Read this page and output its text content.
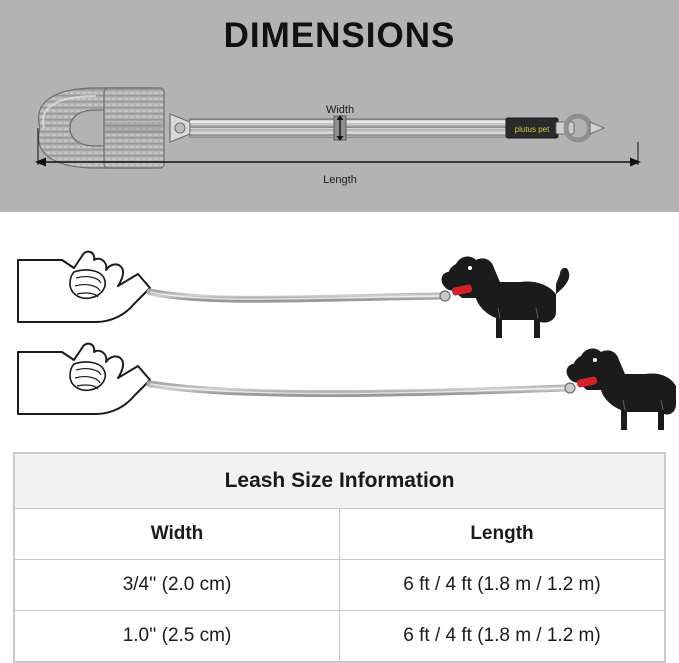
DIMENSIONS
plutus pet
Width
Length
Leash Size Information	
Width	Length
3/4'' (2.0 cm)	6 ft / 4 ft (1.8 m / 1.2 m)
1.0'' (2.5 cm)	6 ft / 4 ft (1.8 m / 1.2 m)
